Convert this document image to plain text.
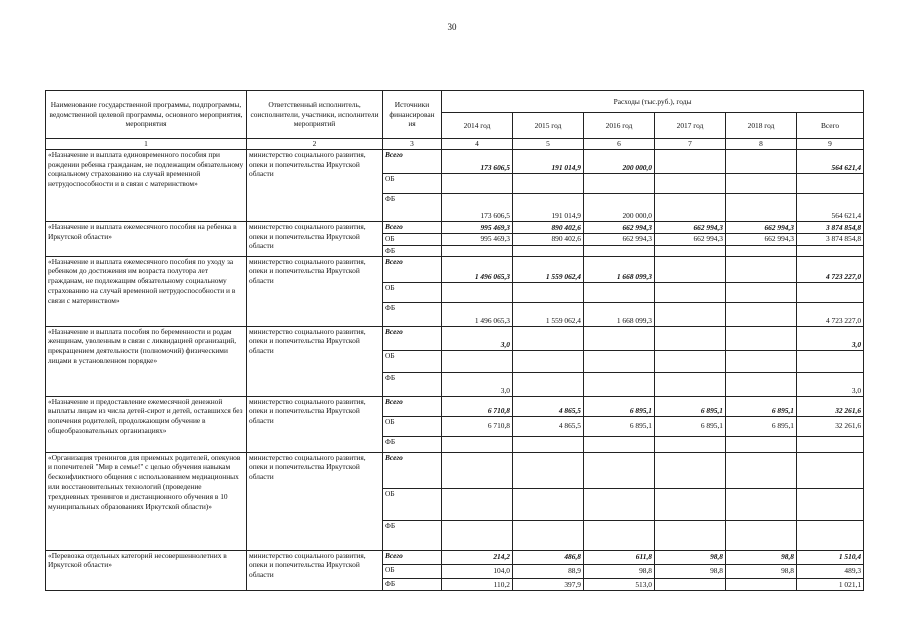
30
Наименование государственной программы, подпрограммы, ведомственной целевой программы, основного мероприятия, мероприятия	Ответственный исполнитель, соисполнители, участники, исполнители мероприятий	Источники финансирован ия	Расходы (тыс.руб.), годы					
			2014 год	2015 год	2016 год	2017 год	2018 год	Всего
1	2	3	4	5	6	7	8	9
«Назначение и выплата единовременного пособия при рождении ребенка гражданам, не подлежащим обязательному социальному страхованию на случай временной нетрудоспособности и в связи с материнством»	министерство социального развития, опеки и попечительства Иркутской области	Всего	173 606,5	191 014,9	200 000,0			564 621,4
		ОБ						
		ФБ	173 606,5	191 014,9	200 000,0			564 621,4
«Назначение и выплата ежемесячного пособия на ребенка в Иркутской области»	министерство социального развития, опеки и попечительства Иркутской области	Всего	995 469,3	890 402,6	662 994,3	662 994,3	662 994,3	3 874 854,8
		ОБ	995 469,3	890 402,6	662 994,3	662 994,3	662 994,3	3 874 854,8
		ФБ						
«Назначение и выплата ежемесячного пособия по уходу за ребенком до достижения им возраста полутора лет гражданам, не подлежащим обязательному социальному страхованию на случай временной нетрудоспособности и в связи с материнством»	министерство социального развития, опеки и попечительства Иркутской области	Всего	1 496 065,3	1 559 062,4	1 668 099,3			4 723 227,0
		ОБ						
		ФБ	1 496 065,3	1 559 062,4	1 668 099,3			4 723 227,0
«Назначение и выплата пособия по беременности и родам женщинам, уволенным в связи с ликвидацией организаций, прекращением деятельности (полномочий) физическими лицами в установленном порядке»	министерство социального развития, опеки и попечительства Иркутской области	Всего	3,0					3,0
		ОБ						
		ФБ	3,0					3,0
«Назначение и предоставление ежемесячной денежной выплаты лицам из числа детей-сирот и детей, оставшихся без попечения родителей, продолжающим обучение в общеобразовательных организациях»	министерство социального развития, опеки и попечительства Иркутской области	Всего	6 710,8	4 865,5	6 895,1	6 895,1	6 895,1	32 261,6
		ОБ	6 710,8	4 865,5	6 895,1	6 895,1	6 895,1	32 261,6
		ФБ						
«Организация тренингов для приемных родителей, опекунов и попечителей "Мир в семье!" с целью обучения навыкам бесконфликтного общения с использованием медиационных или восстановительных технологий (проведение трехдневных тренингов и дистанционного обучения в 10 муниципальных образованиях Иркутской области)»	министерство социального развития, опеки и попечительства Иркутской области	Всего						
		ОБ						
		ФБ						
«Перевозка отдельных категорий несовершеннолетних в Иркутской области»	министерство социального развития, опеки и попечительства Иркутской области	Всего	214,2	486,8	611,8	98,8	98,8	1 510,4
		ОБ	104,0	88,9	98,8	98,8	98,8	489,3
		ФБ	110,2	397,9	513,0			1 021,1
